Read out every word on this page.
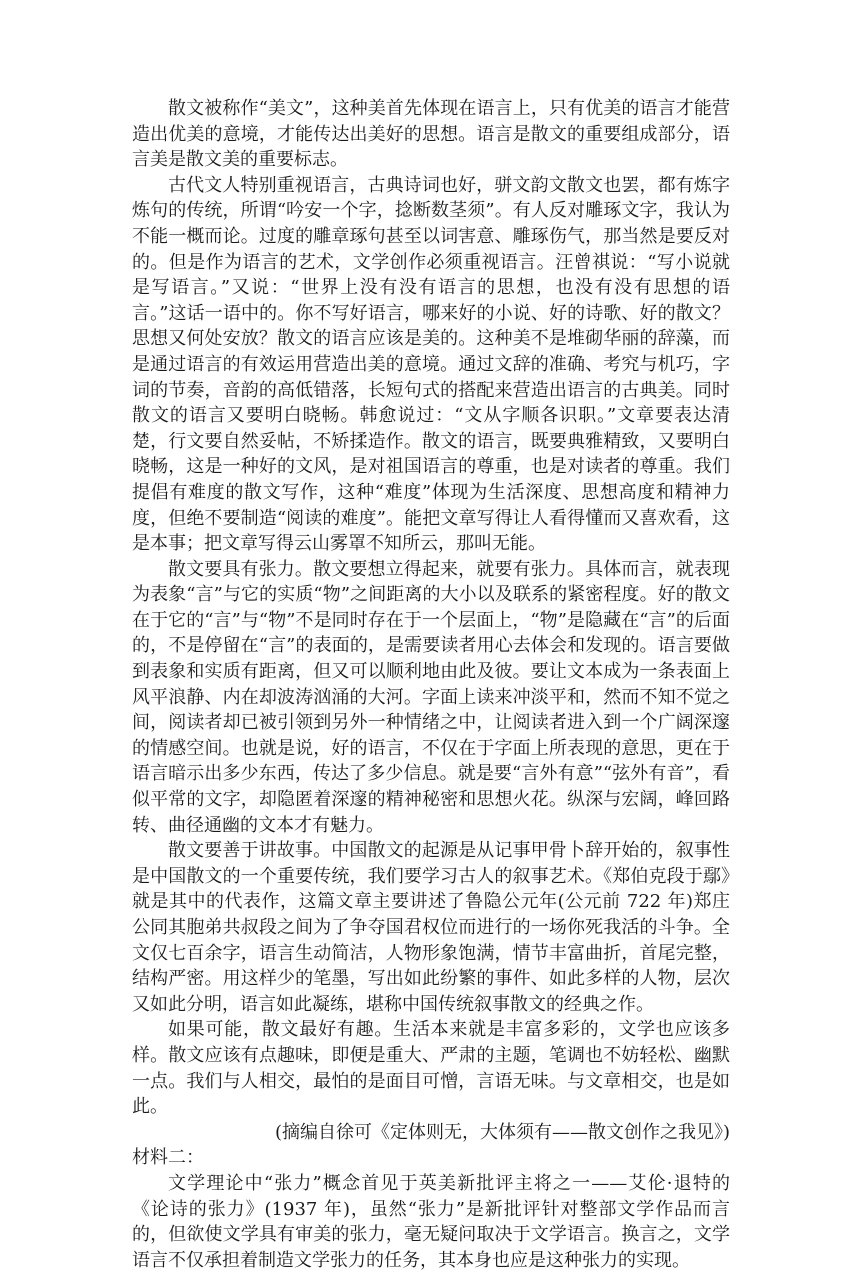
散文被称作“美文”，这种美首先体现在语言上，只有优美的语言才能营造出优美的意境，才能传达出美好的思想。语言是散文的重要组成部分，语言美是散文美的重要标志。

古代文人特别重视语言，古典诗词也好，骈文韵文散文也罢，都有炼字炼句的传统，所谓“吟安一个字，捻断数茎须”。有人反对雕琢文字，我认为不能一概而论。过度的雕章琢句甚至以词害意、雕琢伤气，那当然是要反对的。但是作为语言的艺术，文学创作必须重视语言。汪曾祺说：“写小说就是写语言。”又说：“世界上没有没有语言的思想，也没有没有思想的语言。”这话一语中的。你不写好语言，哪来好的小说、好的诗歌、好的散文？思想又何处安放？散文的语言应该是美的。这种美不是堆砌华丽的辞藻，而是通过语言的有效运用营造出美的意境。通过文辞的准确、考究与机巧，字词的节奏，音韵的高低错落，长短句式的搭配来营造出语言的古典美。同时散文的语言又要明白晓畅。韩愈说过：“文从字顺各识职。”文章要表达清楚，行文要自然妥帖，不矫揉造作。散文的语言，既要典雅精致，又要明白晓畅，这是一种好的文风，是对祖国语言的尊重，也是对读者的尊重。我们提倡有难度的散文写作，这种“难度”体现为生活深度、思想高度和精神力度，但绝不要制造“阅读的难度”。能把文章写得让人看得懂而又喜欢看，这是本事；把文章写得云山雾罩不知所云，那叫无能。

散文要具有张力。散文要想立得起来，就要有张力。具体而言，就表现为表象“言”与它的实质“物”之间距离的大小以及联系的紧密程度。好的散文在于它的“言”与“物”不是同时存在于一个层面上，“物”是隐藏在“言”的后面的，不是停留在“言”的表面的，是需要读者用心去体会和发现的。语言要做到表象和实质有距离，但又可以顺利地由此及彼。要让文本成为一条表面上风平浪静、内在却波涛汹涌的大河。字面上读来冲淡平和，然而不知不觉之间，阅读者却已被引领到另外一种情绪之中，让阅读者进入到一个广阔深邃的情感空间。也就是说，好的语言，不仅在于字面上所表现的意思，更在于语言暗示出多少东西，传达了多少信息。就是要“言外有意”“弦外有音”，看似平常的文字，却隐匿着深邃的精神秘密和思想火花。纵深与宏阔，峰回路转、曲径通幽的文本才有魅力。

散文要善于讲故事。中国散文的起源是从记事甲骨卜辞开始的，叙事性是中国散文的一个重要传统，我们要学习古人的叙事艺术。《郑伯克段于鄢》就是其中的代表作，这篇文章主要讲述了鲁隐公元年(公元前 722 年)郑庄公同其胞弟共叔段之间为了争夺国君权位而进行的一场你死我活的斗争。全文仅七百余字，语言生动简洁，人物形象饱满，情节丰富曲折，首尾完整，结构严密。用这样少的笔墨，写出如此纷繁的事件、如此多样的人物，层次又如此分明，语言如此凝练，堪称中国传统叙事散文的经典之作。

如果可能，散文最好有趣。生活本来就是丰富多彩的，文学也应该多样。散文应该有点趣味，即便是重大、严肃的主题，笔调也不妨轻松、幽默一点。我们与人相交，最怕的是面目可憎，言语无味。与文章相交，也是如此。

(摘编自徐可《定体则无，大体须有——散文创作之我见》)

材料二：

文学理论中“张力”概念首见于英美新批评主将之一——艾伦·退特的《论诗的张力》(1937 年)，虽然“张力”是新批评针对整部文学作品而言的，但欲使文学具有审美的张力，毫无疑问取决于文学语言。换言之，文学语言不仅承担着制造文学张力的任务，其本身也应是这种张力的实现。
